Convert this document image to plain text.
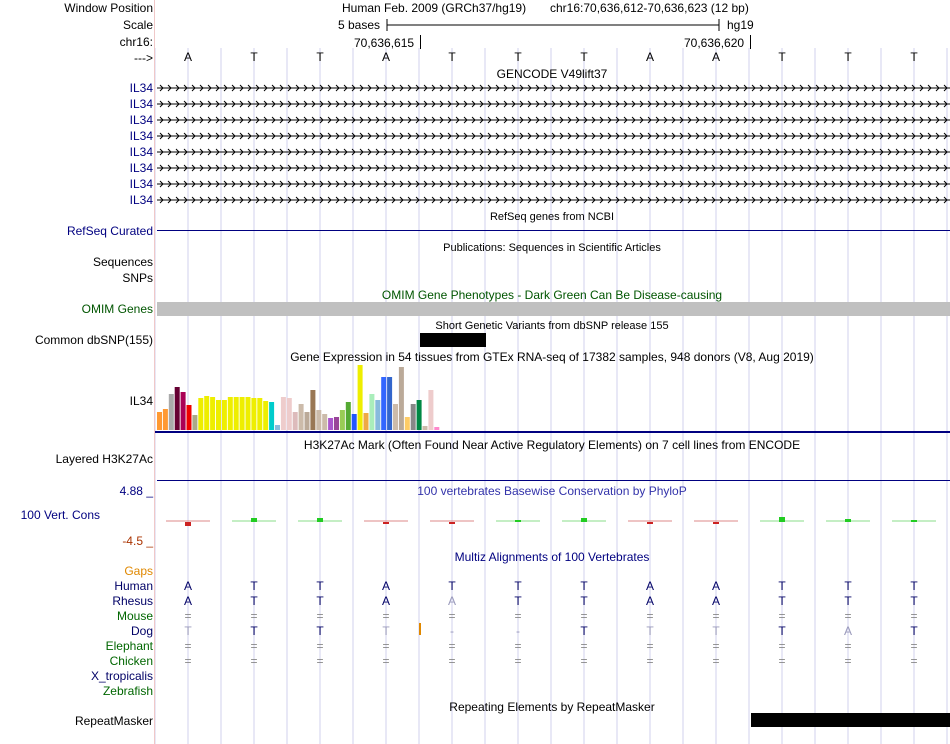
Window Position
Scale
chr16:
--->
Human Feb. 2009 (GRCh37/hg19) chr16:70,636,612-70,636,623 (12 bp)
5 bases	hg19
70,636,615	70,636,620
A	T	T	A	T	T	T	A	A	T	T	T
GENCODE V49lift37
IL34
IL34
IL34
IL34
IL34
IL34
IL34
IL34
RefSeq genes from NCBI
RefSeq Curated
Publications: Sequences in Scientific Articles
Sequences
SNPs
OMIM Gene Phenotypes - Dark Green Can Be Disease-causing
OMIM Genes
Short Genetic Variants from dbSNP release 155
Common dbSNP(155)
Gene Expression in 54 tissues from GTEx RNA-seq of 17382 samples, 948 donors (V8, Aug 2019)
IL34
H3K27Ac Mark (Often Found Near Active Regulatory Elements) on 7 cell lines from ENCODE
Layered H3K27Ac
100 vertebrates Basewise Conservation by PhyloP
4.88 _
100 Vert. Cons
-4.5 _
Multiz Alignments of 100 Vertebrates
Gaps
Human	A	T	T	A	T	T	T	A	A	T	T	T
Rhesus	A	T	T	A	A	T	T	A	A	T	T	T
Mouse	=	=	=	=	=	=	=	=	=	=	=	=
Dog	T	T	T	T	-	-	T	T	T	T	A	T
Elephant	=	=	=	=	=	=	=	=	=	=	=	=
Chicken	=	=	=	=	=	=	=	=	=	=	=	=
X_tropicalis
Zebrafish
Repeating Elements by RepeatMasker
RepeatMasker
